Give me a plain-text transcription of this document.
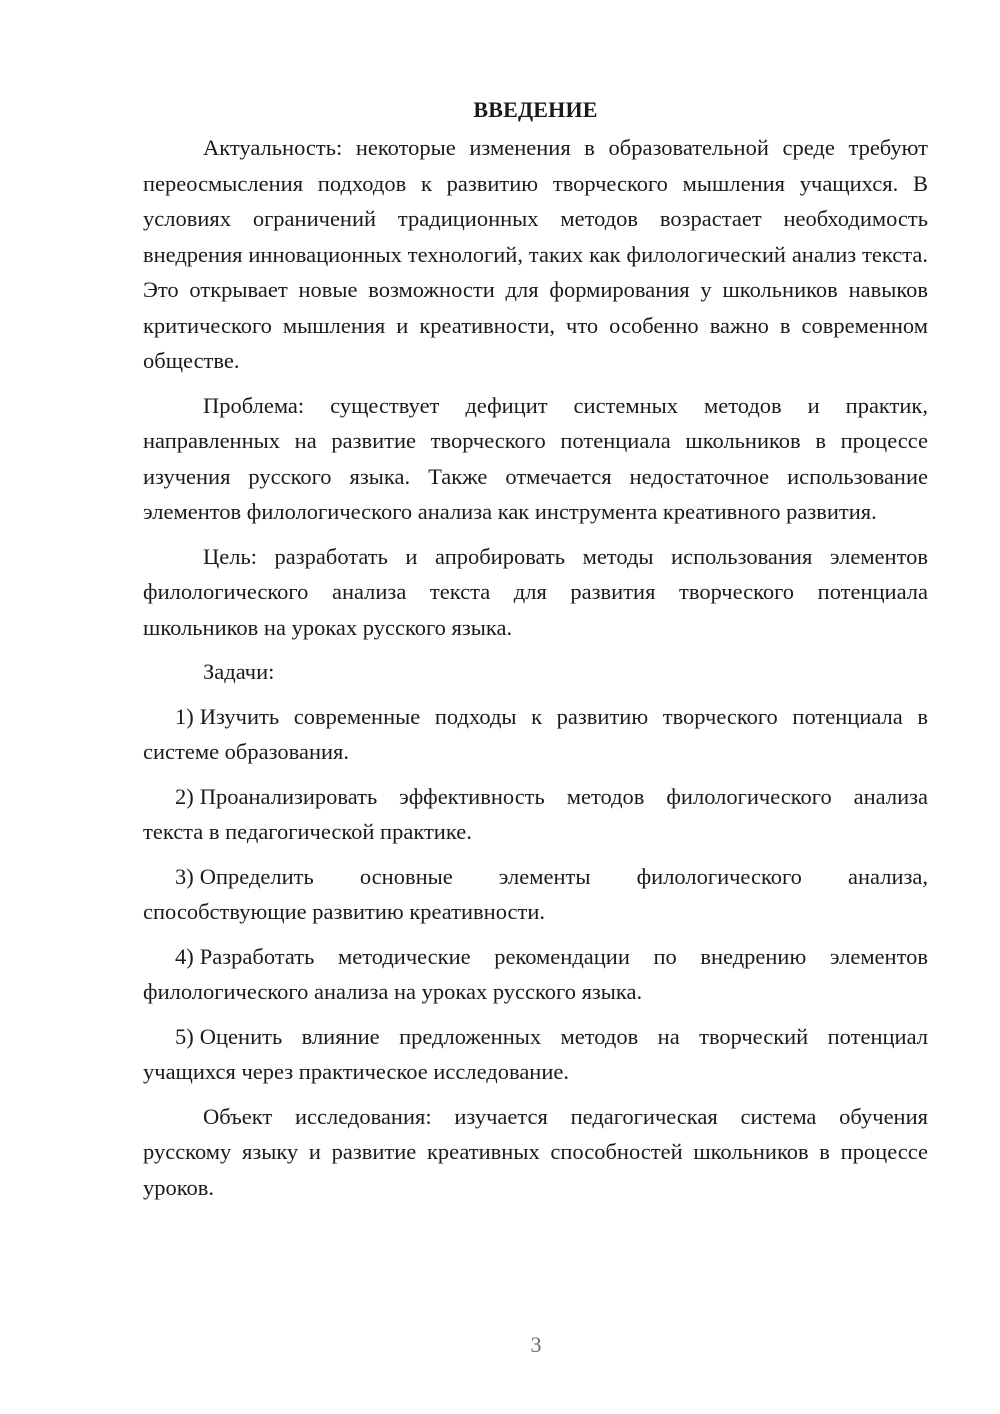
ВВЕДЕНИЕ

Актуальность: некоторые изменения в образовательной среде требуют переосмысления подходов к развитию творческого мышления учащихся. В условиях ограничений традиционных методов возрастает необходимость внедрения инновационных технологий, таких как филологический анализ текста. Это открывает новые возможности для формирования у школьников навыков критического мышления и креативности, что особенно важно в современном обществе.

Проблема: существует дефицит системных методов и практик, направленных на развитие творческого потенциала школьников в процессе изучения русского языка. Также отмечается недостаточное использование элементов филологического анализа как инструмента креативного развития.

Цель: разработать и апробировать методы использования элементов филологического анализа текста для развития творческого потенциала школьников на уроках русского языка.

Задачи:

1) Изучить современные подходы к развитию творческого потенциала в системе образования.

2) Проанализировать эффективность методов филологического анализа текста в педагогической практике.

3) Определить основные элементы филологического анализа, способствующие развитию креативности.

4) Разработать методические рекомендации по внедрению элементов филологического анализа на уроках русского языка.

5) Оценить влияние предложенных методов на творческий потенциал учащихся через практическое исследование.

Объект исследования: изучается педагогическая система обучения русскому языку и развитие креативных способностей школьников в процессе уроков.

3
